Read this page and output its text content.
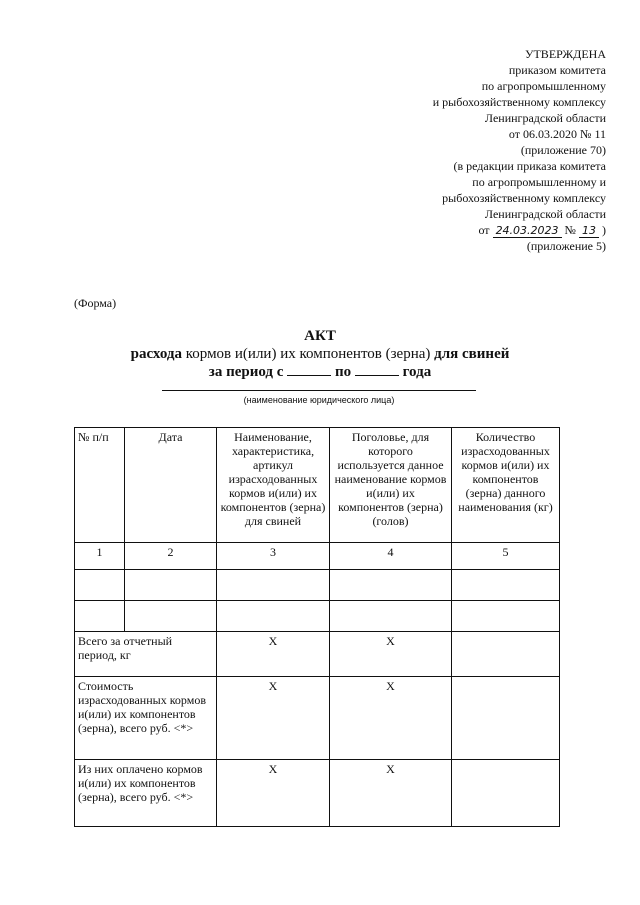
УТВЕРЖДЕНА
приказом комитета
по агропромышленному
и рыбохозяйственному комплексу
Ленинградской области
от 06.03.2020 № 11
(приложение 70)
(в редакции приказа комитета
по агропромышленному и
рыбохозяйственному комплексу
Ленинградской области
от 24.03.2023 № 13 )
(приложение 5)
(Форма)
АКТ
расхода кормов и(или) их компонентов (зерна) для свиней
за период с	по	года
(наименование юридического лица)
№ п/п	Дата	Наименование, характеристика, артикул израсходованных кормов и(или) их компонентов (зерна) для свиней	Поголовье, для которого используется данное наименование кормов и(или) их компонентов (зерна) (голов)	Количество израсходованных кормов и(или) их компонентов (зерна) данного наименования (кг)
1	2	3	4	5

Всего за отчетный период, кг		X	X	
Стоимость израсходованных кормов и(или) их компонентов (зерна), всего руб. <*>		X	X	
Из них оплачено кормов и(или) их компонентов (зерна), всего руб. <*>		X	X	
